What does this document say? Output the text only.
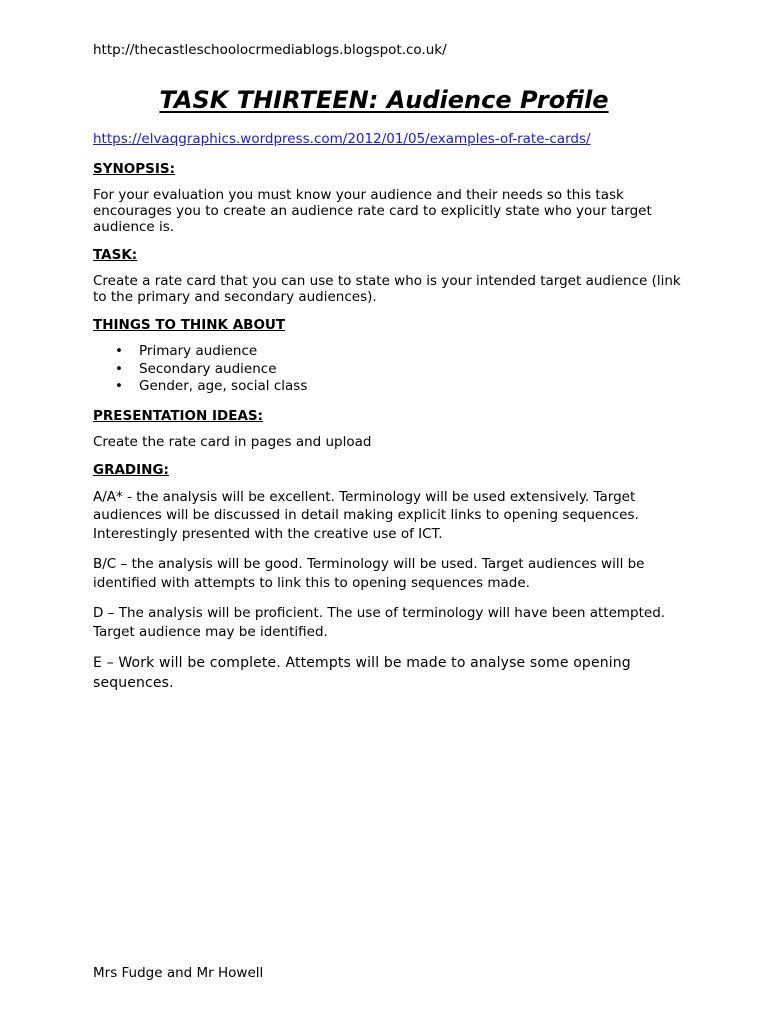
http://thecastleschoolocrmediablogs.blogspot.co.uk/
TASK THIRTEEN: Audience Profile
https://elvaqgraphics.wordpress.com/2012/01/05/examples-of-rate-cards/
SYNOPSIS:

For your evaluation you must know your audience and their needs so this task encourages you to create an audience rate card to explicitly state who your target audience is.

TASK:

Create a rate card that you can use to state who is your intended target audience (link to the primary and secondary audiences).

THINGS TO THINK ABOUT
• Primary audience
• Secondary audience
• Gender, age, social class
PRESENTATION IDEAS:

Create the rate card in pages and upload

GRADING:

A/A* - the analysis will be excellent. Terminology will be used extensively. Target audiences will be discussed in detail making explicit links to opening sequences. Interestingly presented with the creative use of ICT.

B/C – the analysis will be good. Terminology will be used. Target audiences will be identified with attempts to link this to opening sequences made.

D – The analysis will be proficient. The use of terminology will have been attempted. Target audience may be identified.

E – Work will be complete. Attempts will be made to analyse some opening sequences.

Mrs Fudge and Mr Howell
